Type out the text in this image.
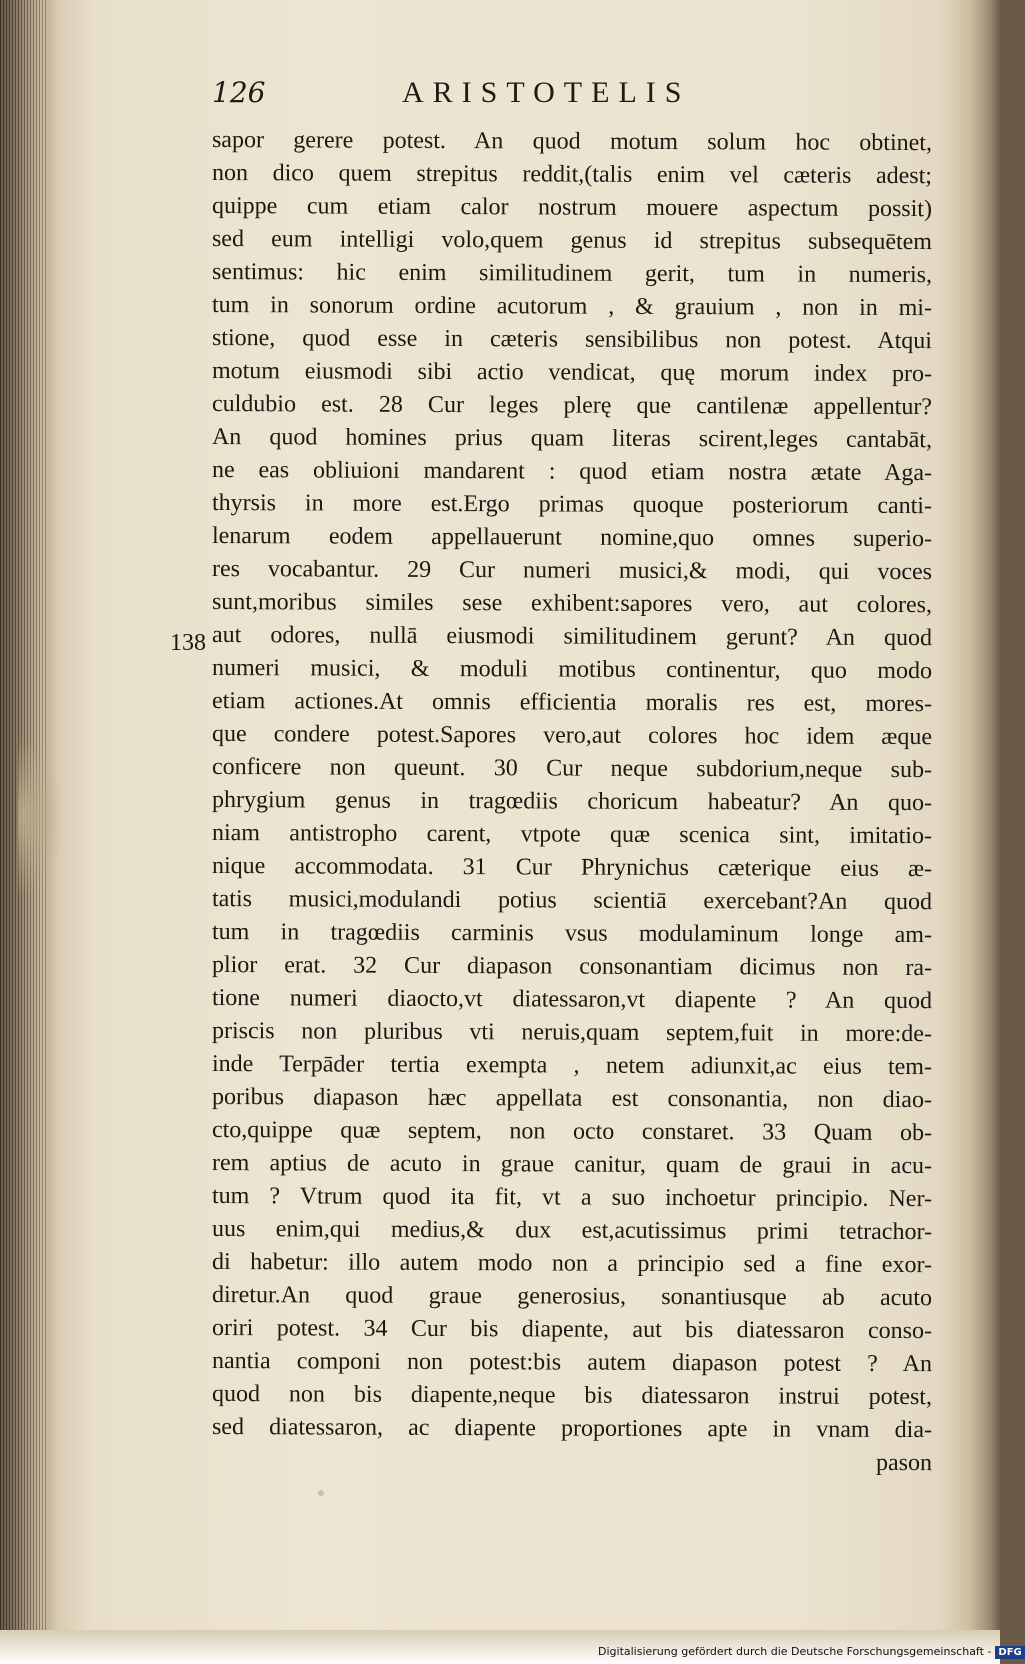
126	ARISTOTELIS
138
sapor gerere potest. An quod motum solum hoc obtinet,
non dico quem strepitus reddit,(talis enim vel cæteris adest;
quippe cum etiam calor nostrum mouere aspectum possit)
sed eum intelligi volo,quem genus id strepitus subsequētem
sentimus: hic enim similitudinem gerit, tum in numeris,
tum in sonorum ordine acutorum , & grauium , non in mi-
stione, quod esse in cæteris sensibilibus non potest. Atqui
motum eiusmodi sibi actio vendicat, quę morum index pro-
culdubio est. 28 Cur leges plerę que cantilenæ appellentur?
An quod homines prius quam literas scirent,leges cantabāt,
ne eas obliuioni mandarent : quod etiam nostra ætate Aga-
thyrsis in more est.Ergo primas quoque posteriorum canti-
lenarum eodem appellauerunt nomine,quo omnes superio-
res vocabantur. 29 Cur numeri musici,& modi, qui voces
sunt,moribus similes sese exhibent:sapores vero, aut colores,
aut odores, nullā eiusmodi similitudinem gerunt? An quod
numeri musici, & moduli motibus continentur, quo modo
etiam actiones.At omnis efficientia moralis res est, mores-
que condere potest.Sapores vero,aut colores hoc idem æque
conficere non queunt. 30 Cur neque subdorium,neque sub-
phrygium genus in tragœdiis choricum habeatur? An quo-
niam antistropho carent, vtpote quæ scenica sint, imitatio-
nique accommodata. 31 Cur Phrynichus cæterique eius æ-
tatis musici,modulandi potius scientiā exercebant?An quod
tum in tragœdiis carminis vsus modulaminum longe am-
plior erat. 32 Cur diapason consonantiam dicimus non ra-
tione numeri diaocto,vt diatessaron,vt diapente ? An quod
priscis non pluribus vti neruis,quam septem,fuit in more:de-
inde Terpāder tertia exempta , netem adiunxit,ac eius tem-
poribus diapason hæc appellata est consonantia, non diao-
cto,quippe quæ septem, non octo constaret. 33 Quam ob-
rem aptius de acuto in graue canitur, quam de graui in acu-
tum ? Vtrum quod ita fit, vt a suo inchoetur principio. Ner-
uus enim,qui medius,& dux est,acutissimus primi tetrachor-
di habetur: illo autem modo non a principio sed a fine exor-
diretur.An quod graue generosius, sonantiusque ab acuto
oriri potest. 34 Cur bis diapente, aut bis diatessaron conso-
nantia componi non potest:bis autem diapason potest ? An
quod non bis diapente,neque bis diatessaron instrui potest,
sed diatessaron, ac diapente proportiones apte in vnam dia-
pason
Digitalisierung gefördert durch die Deutsche Forschungsgemeinschaft - DFG
